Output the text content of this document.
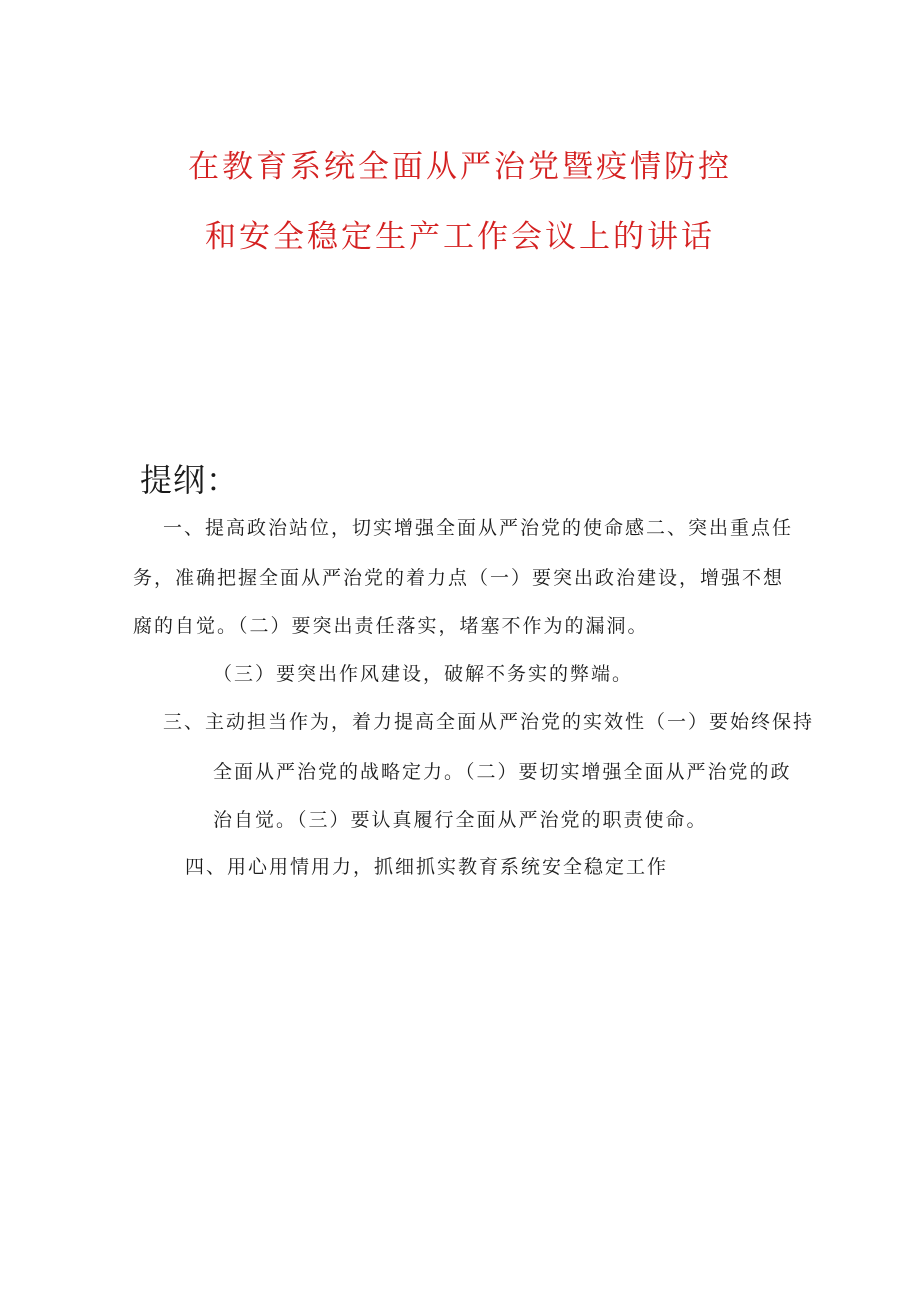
在教育系统全面从严治党暨疫情防控
和安全稳定生产工作会议上的讲话
提纲：
一、提高政治站位，切实增强全面从严治党的使命感二、突出重点任
务，准确把握全面从严治党的着力点（一）要突出政治建设，增强不想
腐的自觉。（二）要突出责任落实，堵塞不作为的漏洞。
（三）要突出作风建设，破解不务实的弊端。
三、主动担当作为，着力提高全面从严治党的实效性（一）要始终保持
全面从严治党的战略定力。（二）要切实增强全面从严治党的政
治自觉。（三）要认真履行全面从严治党的职责使命。
四、用心用情用力，抓细抓实教育系统安全稳定工作
